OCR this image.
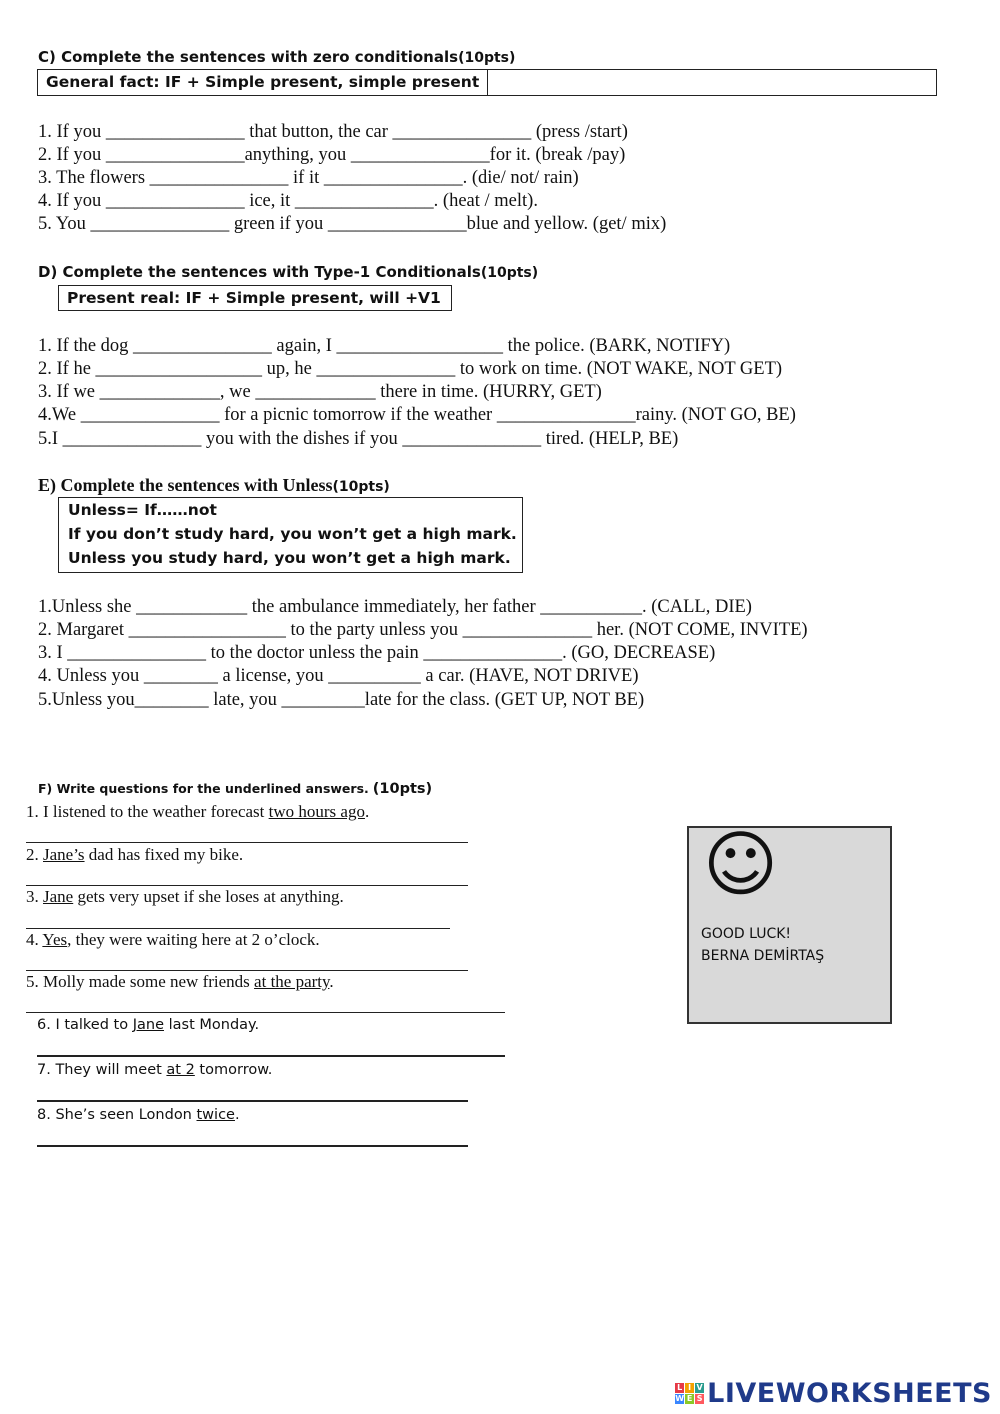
C) Complete the sentences with zero conditionals(10pts)
General fact: IF + Simple present, simple present
1. If you _______________ that button, the car _______________ (press /start)
2. If you _______________anything, you _______________for it. (break /pay)
3. The flowers _______________ if it _______________. (die/ not/ rain)
4. If you _______________ ice, it _______________. (heat / melt).
5. You _______________ green if you _______________blue and yellow. (get/ mix)
D) Complete the sentences with Type-1 Conditionals(10pts)
Present real: IF + Simple present, will +V1
1. If the dog _______________ again, I __________________ the police. (BARK, NOTIFY)
2. If he __________________ up, he _______________ to work on time. (NOT WAKE, NOT GET)
3. If we _____________, we _____________ there in time. (HURRY, GET)
4.We _______________ for a picnic tomorrow if the weather _______________rainy. (NOT GO, BE)
5.I _______________ you with the dishes if you _______________ tired. (HELP, BE)
E) Complete the sentences with Unless(10pts)
Unless= If……not
If you don’t study hard, you won’t get a high mark.
Unless you study hard, you won’t get a high mark.
1.Unless she ____________ the ambulance immediately, her father ___________. (CALL, DIE)
2. Margaret _________________ to the party unless you ______________ her. (NOT COME, INVITE)
3. I _______________ to the doctor unless the pain _______________. (GO, DECREASE)
4. Unless you ________ a license, you __________ a car. (HAVE, NOT DRIVE)
5.Unless you________ late, you _________late for the class. (GET UP, NOT BE)
F) Write questions for the underlined answers. (10pts)
1. I listened to the weather forecast two hours ago.
2. Jane’s dad has fixed my bike.
3. Jane gets very upset if she loses at anything.
4. Yes, they were waiting here at 2 o’clock.
5. Molly made some new friends at the party.
6. I talked to Jane last Monday.
7. They will meet at 2 tomorrow.
8. She’s seen London twice.
☺
GOOD LUCK!
BERNA DEMİRTAŞ
L I V
W E S LIVEWORKSHEETS
